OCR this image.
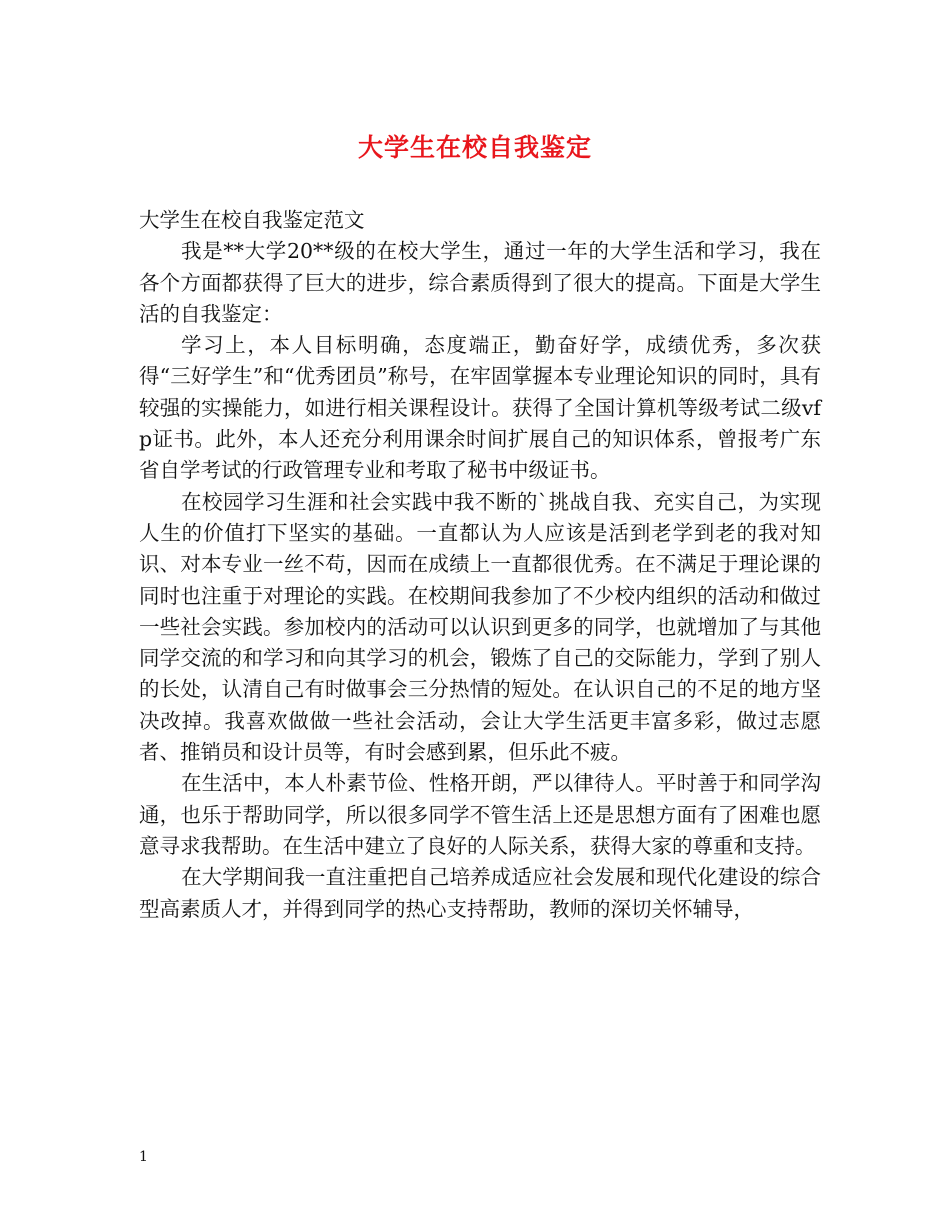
大学生在校自我鉴定

大学生在校自我鉴定范文

我是**大学20**级的在校大学生，通过一年的大学生活和学习，我在各个方面都获得了巨大的进步，综合素质得到了很大的提高。下面是大学生活的自我鉴定：

学习上，本人目标明确，态度端正，勤奋好学，成绩优秀，多次获得“三好学生”和“优秀团员”称号，在牢固掌握本专业理论知识的同时，具有较强的实操能力，如进行相关课程设计。获得了全国计算机等级考试二级vfp证书。此外，本人还充分利用课余时间扩展自己的知识体系，曾报考广东省自学考试的行政管理专业和考取了秘书中级证书。

在校园学习生涯和社会实践中我不断的`挑战自我、充实自己，为实现人生的价值打下坚实的基础。一直都认为人应该是活到老学到老的我对知识、对本专业一丝不苟，因而在成绩上一直都很优秀。在不满足于理论课的同时也注重于对理论的实践。在校期间我参加了不少校内组织的活动和做过一些社会实践。参加校内的活动可以认识到更多的同学，也就增加了与其他同学交流的和学习和向其学习的机会，锻炼了自己的交际能力，学到了别人的长处，认清自己有时做事会三分热情的短处。在认识自己的不足的地方坚决改掉。我喜欢做做一些社会活动，会让大学生活更丰富多彩，做过志愿者、推销员和设计员等，有时会感到累，但乐此不疲。

在生活中，本人朴素节俭、性格开朗，严以律待人。平时善于和同学沟通，也乐于帮助同学，所以很多同学不管生活上还是思想方面有了困难也愿意寻求我帮助。在生活中建立了良好的人际关系，获得大家的尊重和支持。

在大学期间我一直注重把自己培养成适应社会发展和现代化建设的综合型高素质人才，并得到同学的热心支持帮助，教师的深切关怀辅导，

1
